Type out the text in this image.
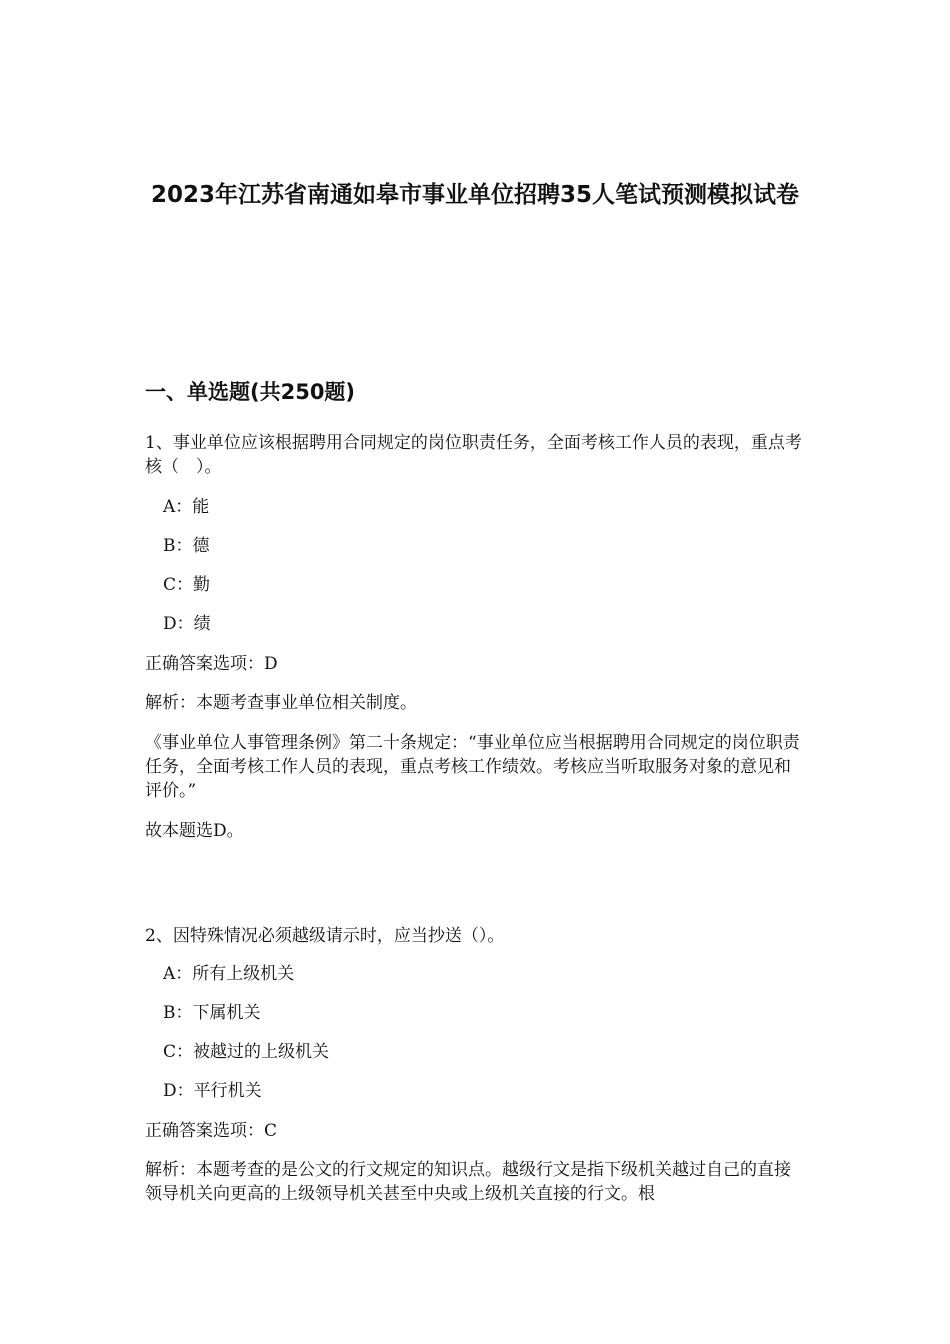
2023年江苏省南通如皋市事业单位招聘35人笔试预测模拟试卷
一、单选题(共250题)

1、事业单位应该根据聘用合同规定的岗位职责任务，全面考核工作人员的表现，重点考核（　）。

A：能

B：德

C：勤

D：绩

正确答案选项：D

解析：本题考查事业单位相关制度。

《事业单位人事管理条例》第二十条规定：“事业单位应当根据聘用合同规定的岗位职责任务，全面考核工作人员的表现，重点考核工作绩效。考核应当听取服务对象的意见和评价。”

故本题选D。

2、因特殊情况必须越级请示时，应当抄送（）。

A：所有上级机关

B：下属机关

C：被越过的上级机关

D：平行机关

正确答案选项：C

解析：本题考查的是公文的行文规定的知识点。越级行文是指下级机关越过自己的直接领导机关向更高的上级领导机关甚至中央或上级机关直接的行文。根
